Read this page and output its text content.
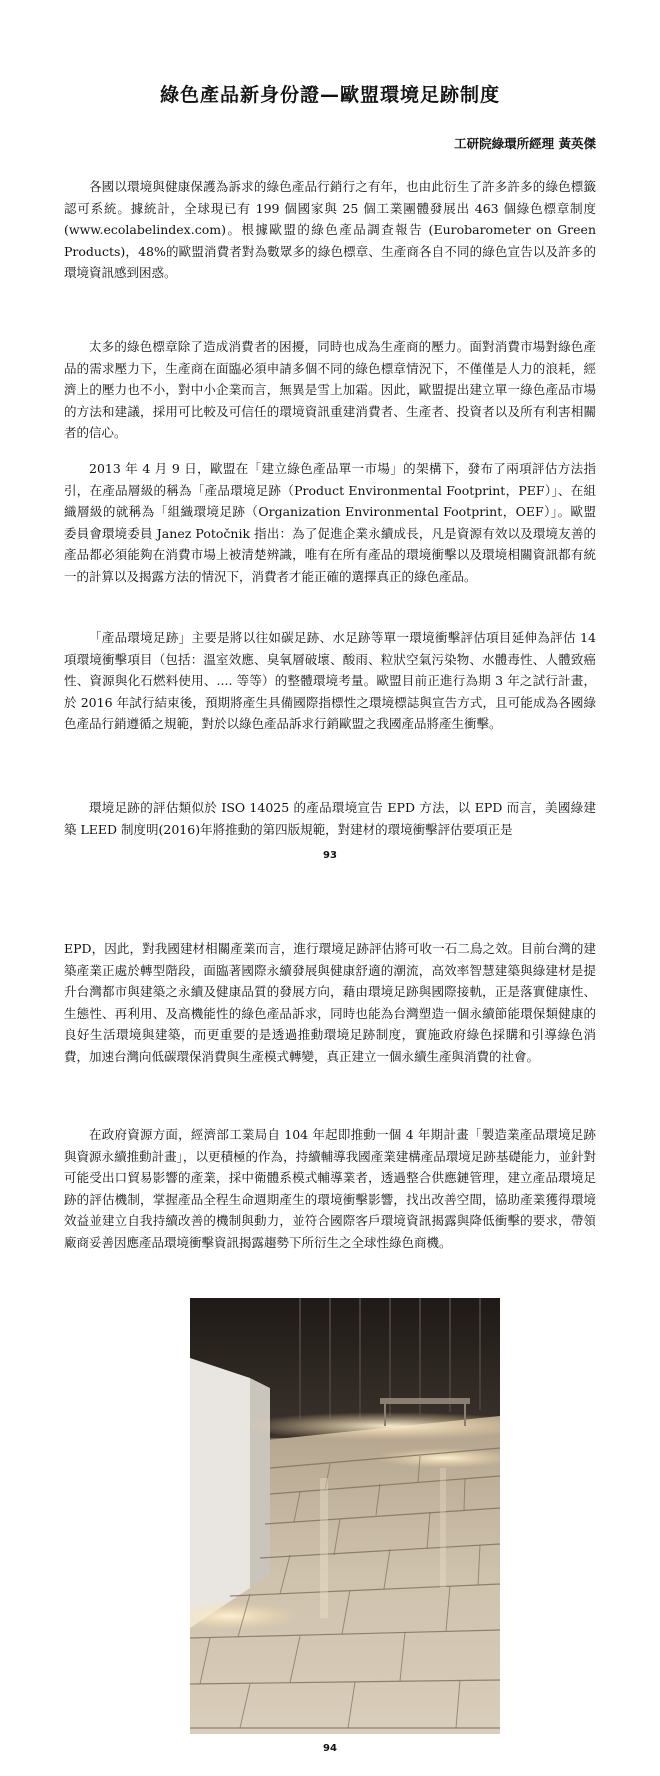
綠色產品新身份證—歐盟環境足跡制度
工研院綠環所經理 黃英傑

各國以環境與健康保護為訴求的綠色產品行銷行之有年，也由此衍生了許多許多的綠色標籤認可系統。據統計，全球現已有 199 個國家與 25 個工業團體發展出 463 個綠色標章制度 (www.ecolabelindex.com)。根據歐盟的綠色產品調查報告 (Eurobarometer on Green Products)，48%的歐盟消費者對為數眾多的綠色標章、生產商各自不同的綠色宣告以及許多的環境資訊感到困惑。

太多的綠色標章除了造成消費者的困擾，同時也成為生產商的壓力。面對消費市場對綠色產品的需求壓力下，生產商在面臨必須申請多個不同的綠色標章情況下，不僅僅是人力的浪耗，經濟上的壓力也不小，對中小企業而言，無異是雪上加霜。因此，歐盟提出建立單一綠色產品市場的方法和建議，採用可比較及可信任的環境資訊重建消費者、生產者、投資者以及所有利害相關者的信心。

2013 年 4 月 9 日，歐盟在「建立綠色產品單一市場」的架構下，發布了兩項評估方法指引，在產品層級的稱為「產品環境足跡（Product Environmental Footprint，PEF）」、在組織層級的就稱為「組織環境足跡（Organization Environmental Footprint，OEF）」。歐盟委員會環境委員 Janez Potočnik 指出：為了促進企業永續成長，凡是資源有效以及環境友善的產品都必須能夠在消費市場上被清楚辨識，唯有在所有產品的環境衝擊以及環境相關資訊都有統一的計算以及揭露方法的情況下，消費者才能正確的選擇真正的綠色產品。

「產品環境足跡」主要是將以往如碳足跡、水足跡等單一環境衝擊評估項目延伸為評估 14 項環境衝擊項目（包括：溫室效應、臭氧層破壞、酸雨、粒狀空氣污染物、水體毒性、人體致癌性、資源與化石燃料使用、.... 等等）的整體環境考量。歐盟目前正進行為期 3 年之試行計畫，於 2016 年試行結束後，預期將產生具備國際指標性之環境標誌與宣告方式，且可能成為各國綠色產品行銷遵循之規範，對於以綠色產品訴求行銷歐盟之我國產品將產生衝擊。

環境足跡的評估類似於 ISO 14025 的產品環境宣告 EPD 方法，以 EPD 而言，美國綠建築 LEED 制度明(2016)年將推動的第四版規範，對建材的環境衝擊評估要項正是

93

EPD，因此，對我國建材相關產業而言，進行環境足跡評估將可收一石二鳥之效。目前台灣的建築產業正處於轉型階段，面臨著國際永續發展與健康舒適的潮流，高效率智慧建築與綠建材是提升台灣都市與建築之永續及健康品質的發展方向，藉由環境足跡與國際接軌，正是落實健康性、生態性、再利用、及高機能性的綠色產品訴求，同時也能為台灣塑造一個永續節能環保類健康的良好生活環境與建築，而更重要的是透過推動環境足跡制度，實施政府綠色採購和引導綠色消費，加速台灣向低碳環保消費與生產模式轉變，真正建立一個永續生產與消費的社會。

在政府資源方面，經濟部工業局自 104 年起即推動一個 4 年期計畫「製造業產品環境足跡與資源永續推動計畫」，以更積極的作為，持續輔導我國產業建構產品環境足跡基礎能力，並針對可能受出口貿易影響的產業，採中衛體系模式輔導業者，透過整合供應鏈管理，建立產品環境足跡的評估機制，掌握產品全程生命週期產生的環境衝擊影響，找出改善空間，協助產業獲得環境效益並建立自我持續改善的機制與動力，並符合國際客戶環境資訊揭露與降低衝擊的要求，帶領廠商妥善因應產品環境衝擊資訊揭露趨勢下所衍生之全球性綠色商機。

94
